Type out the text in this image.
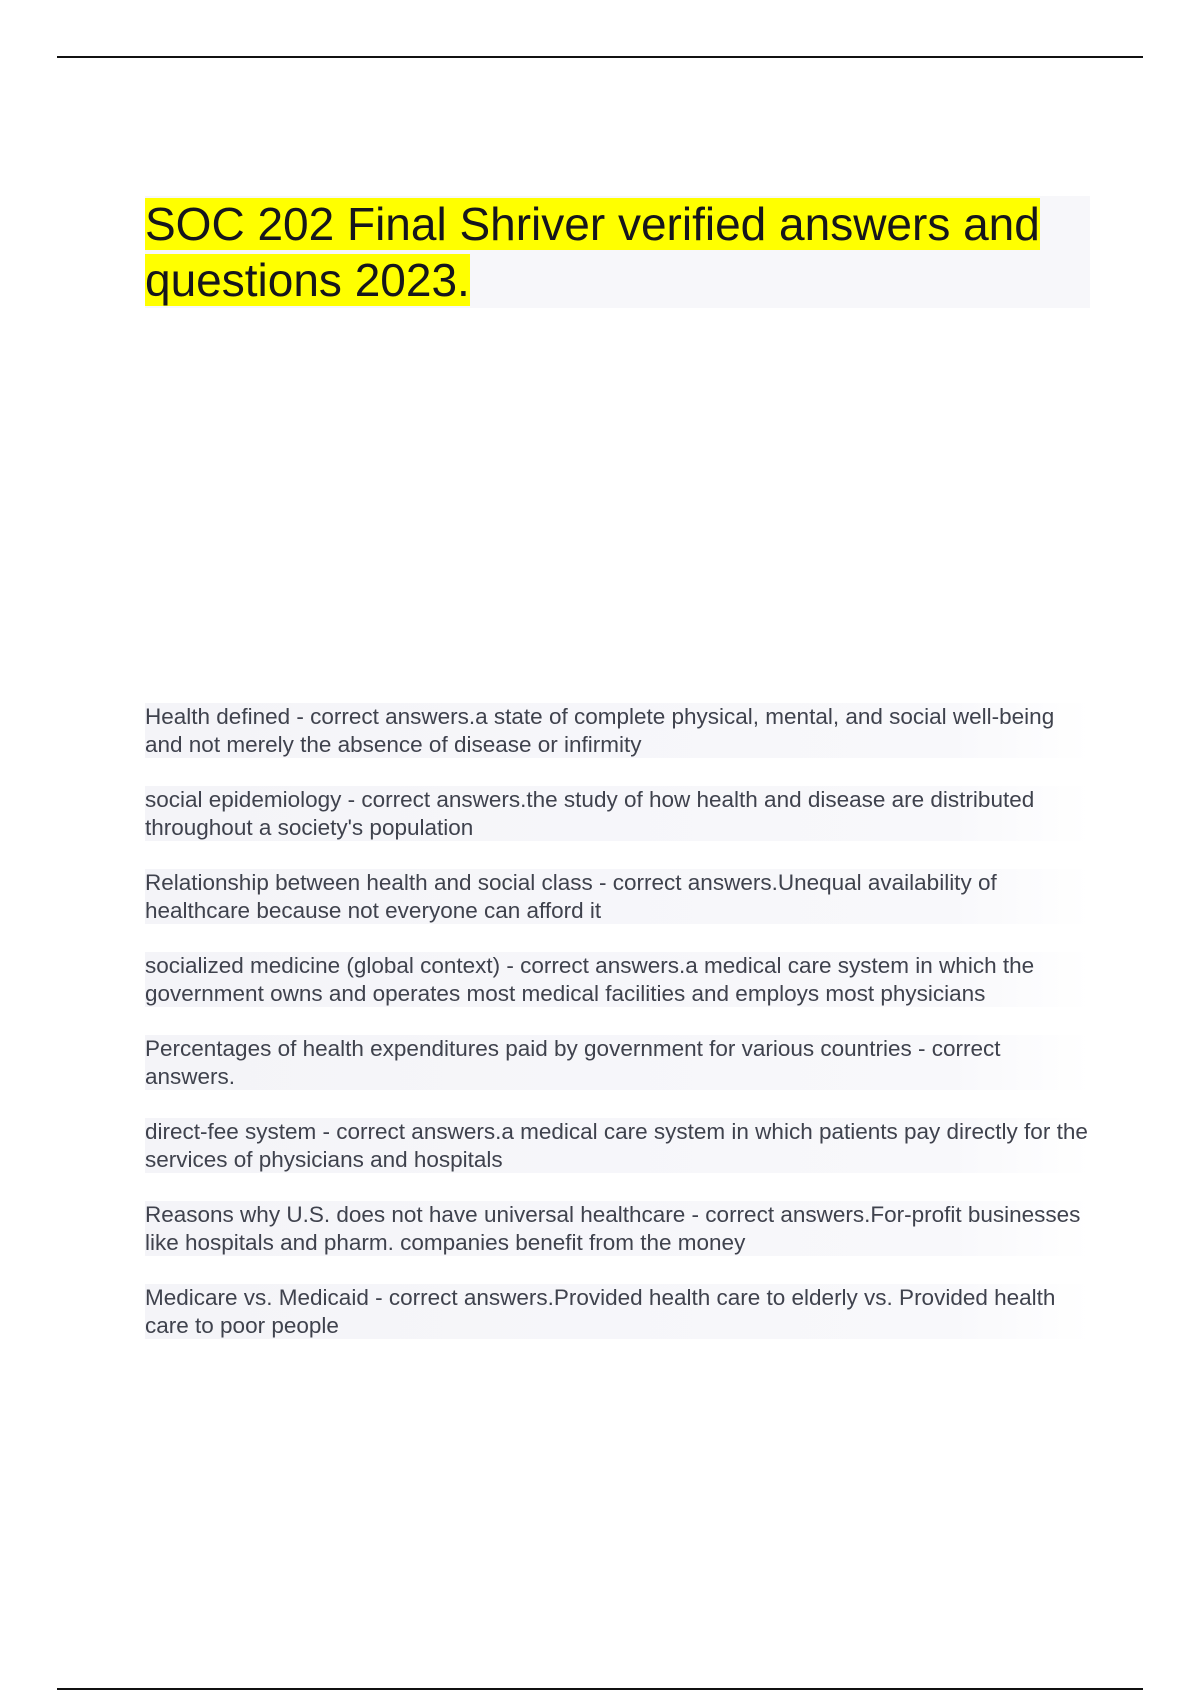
SOC 202 Final Shriver verified answers and questions 2023.

Health defined - correct answers.a state of complete physical, mental, and social well-being and not merely the absence of disease or infirmity

social epidemiology - correct answers.the study of how health and disease are distributed throughout a society's population

Relationship between health and social class - correct answers.Unequal availability of healthcare because not everyone can afford it

socialized medicine (global context) - correct answers.a medical care system in which the government owns and operates most medical facilities and employs most physicians

Percentages of health expenditures paid by government for various countries - correct answers.

direct-fee system - correct answers.a medical care system in which patients pay directly for the services of physicians and hospitals

Reasons why U.S. does not have universal healthcare - correct answers.For-profit businesses like hospitals and pharm. companies benefit from the money

Medicare vs. Medicaid - correct answers.Provided health care to elderly vs. Provided health care to poor people
